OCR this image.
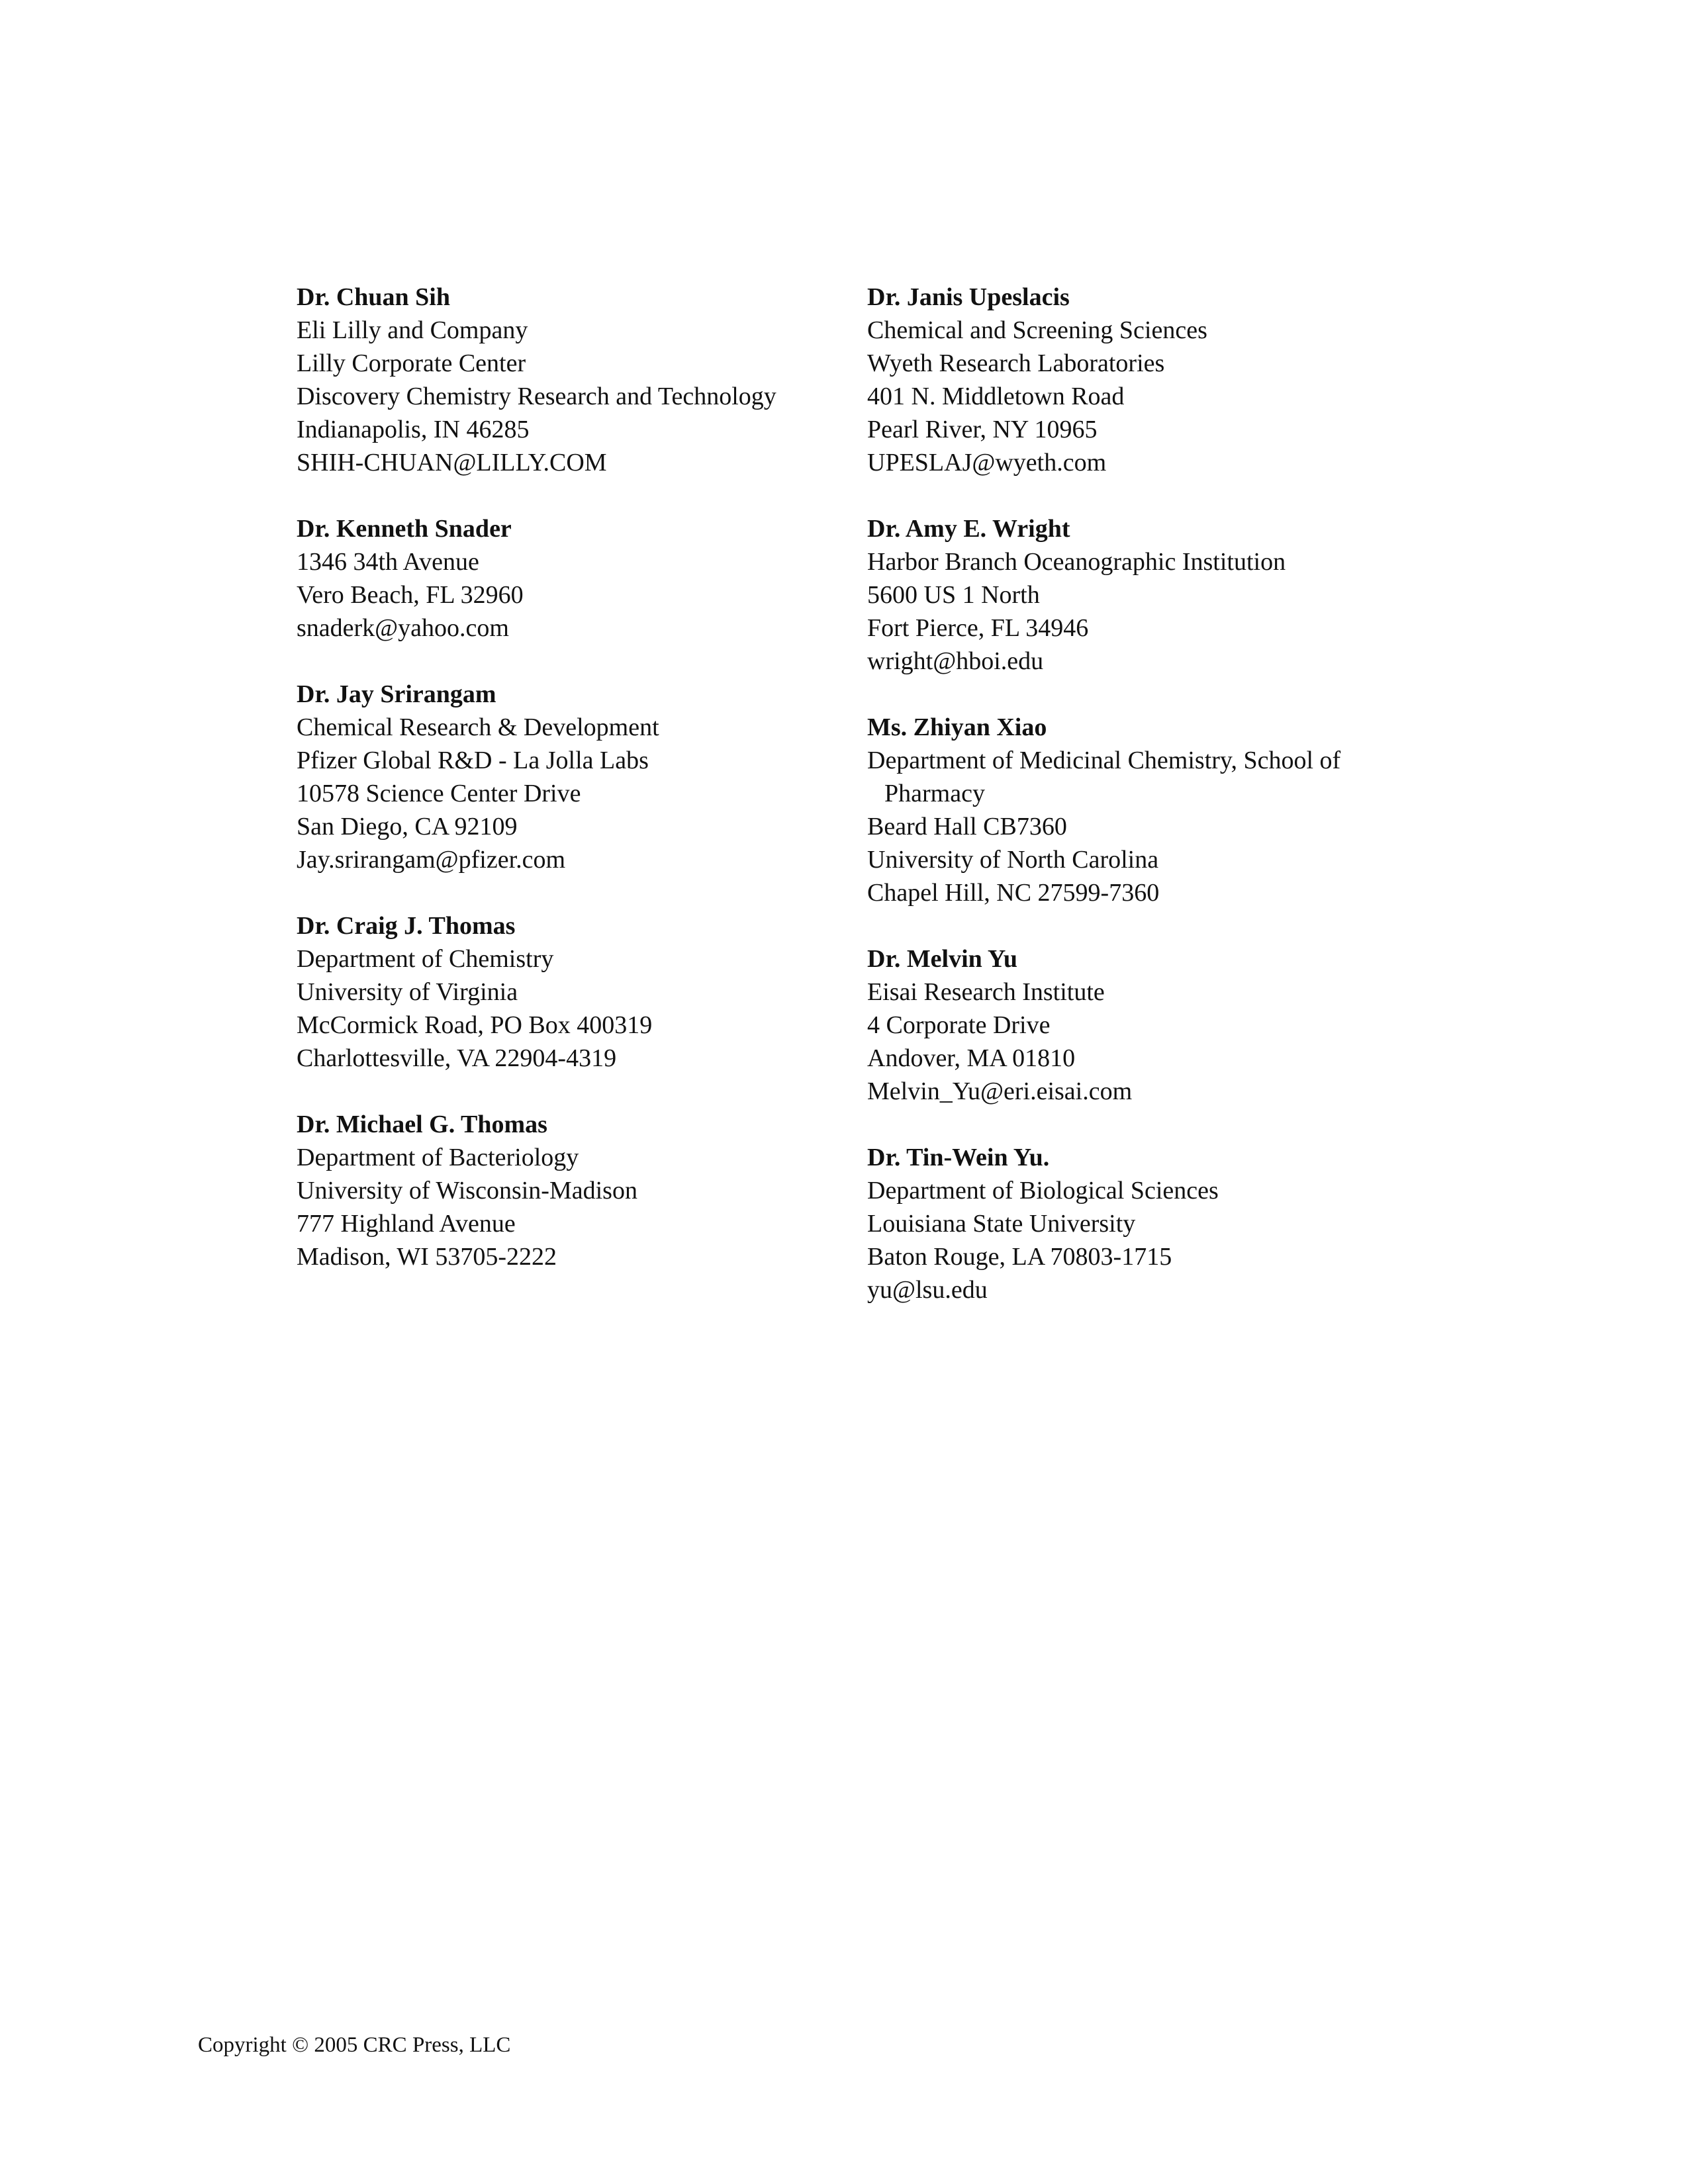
Dr. Chuan Sih
Eli Lilly and Company
Lilly Corporate Center
Discovery Chemistry Research and Technology
Indianapolis, IN 46285
SHIH-CHUAN@LILLY.COM
Dr. Kenneth Snader
1346 34th Avenue
Vero Beach, FL 32960
snaderk@yahoo.com
Dr. Jay Srirangam
Chemical Research & Development
Pfizer Global R&D - La Jolla Labs
10578 Science Center Drive
San Diego, CA 92109
Jay.srirangam@pfizer.com
Dr. Craig J. Thomas
Department of Chemistry
University of Virginia
McCormick Road, PO Box 400319
Charlottesville, VA 22904-4319
Dr. Michael G. Thomas
Department of Bacteriology
University of Wisconsin-Madison
777 Highland Avenue
Madison, WI 53705-2222
Dr. Janis Upeslacis
Chemical and Screening Sciences
Wyeth Research Laboratories
401 N. Middletown Road
Pearl River, NY 10965
UPESLAJ@wyeth.com
Dr. Amy E. Wright
Harbor Branch Oceanographic Institution
5600 US 1 North
Fort Pierce, FL 34946
wright@hboi.edu
Ms. Zhiyan Xiao
Department of Medicinal Chemistry, School of
Pharmacy
Beard Hall CB7360
University of North Carolina
Chapel Hill, NC 27599-7360
Dr. Melvin Yu
Eisai Research Institute
4 Corporate Drive
Andover, MA 01810
Melvin_Yu@eri.eisai.com
Dr. Tin-Wein Yu.
Department of Biological Sciences
Louisiana State University
Baton Rouge, LA 70803-1715
yu@lsu.edu
Copyright © 2005 CRC Press, LLC
